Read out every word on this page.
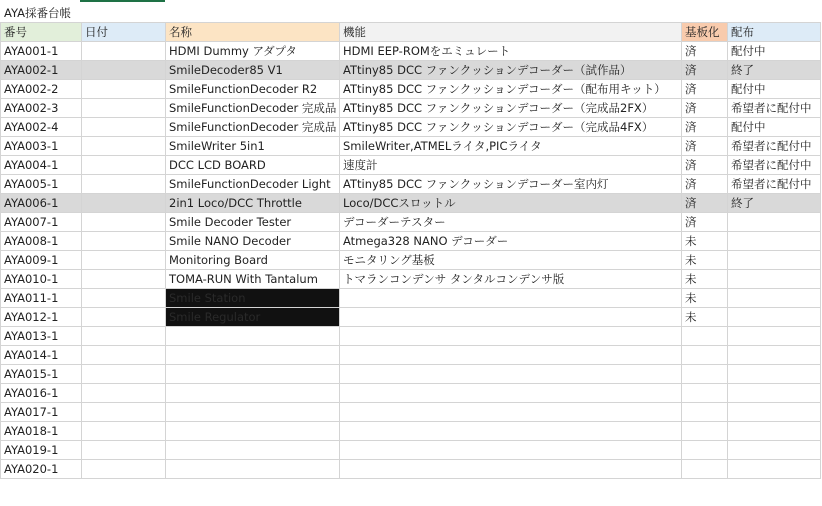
AYA採番台帳
番号	日付	名称	機能	基板化	配布
AYA001-1		HDMI Dummy アダプタ	HDMI EEP-ROMをエミュレート	済	配付中
AYA002-1		SmileDecoder85 V1	ATtiny85 DCC ファンクッションデコーダー（試作品）	済	終了
AYA002-2		SmileFunctionDecoder R2	ATtiny85 DCC ファンクッションデコーダー（配布用キット）	済	配付中
AYA002-3		SmileFunctionDecoder 完成品	ATtiny85 DCC ファンクッションデコーダー（完成品2FX）	済	希望者に配付中
AYA002-4		SmileFunctionDecoder 完成品	ATtiny85 DCC ファンクッションデコーダー（完成品4FX）	済	配付中
AYA003-1		SmileWriter 5in1	SmileWriter,ATMELライタ,PICライタ	済	希望者に配付中
AYA004-1		DCC LCD BOARD	速度計	済	希望者に配付中
AYA005-1		SmileFunctionDecoder Light	ATtiny85 DCC ファンクッションデコーダー室内灯	済	希望者に配付中
AYA006-1		2in1 Loco/DCC Throttle	Loco/DCCスロットル	済	終了
AYA007-1		Smile Decoder Tester	デコーダーテスター	済	
AYA008-1		Smile NANO Decoder	Atmega328 NANO デコーダー	未	
AYA009-1		Monitoring Board	モニタリング基板	未	
AYA010-1		TOMA-RUN With Tantalum	トマランコンデンサ タンタルコンデンサ版	未	
AYA011-1		Smile Station		未	
AYA012-1		Smile Regulator		未	
AYA013-1					
AYA014-1					
AYA015-1					
AYA016-1					
AYA017-1					
AYA018-1					
AYA019-1					
AYA020-1					
